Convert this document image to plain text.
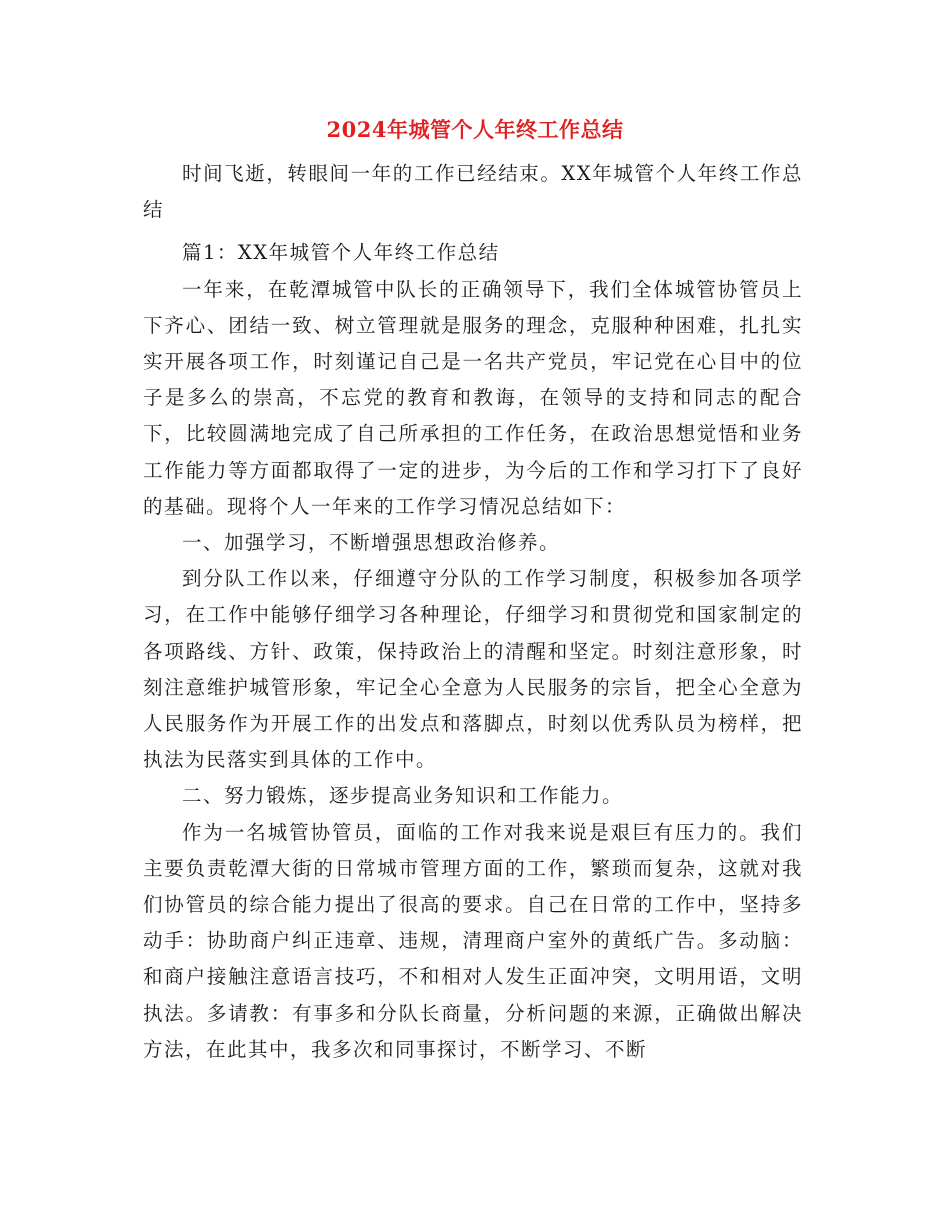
2024年城管个人年终工作总结

时间飞逝，转眼间一年的工作已经结束。XX年城管个人年终工作总结

篇1：XX年城管个人年终工作总结

一年来，在乾潭城管中队长的正确领导下，我们全体城管协管员上下齐心、团结一致、树立管理就是服务的理念，克服种种困难，扎扎实实开展各项工作，时刻谨记自己是一名共产党员，牢记党在心目中的位子是多么的崇高，不忘党的教育和教诲，在领导的支持和同志的配合下，比较圆满地完成了自己所承担的工作任务，在政治思想觉悟和业务工作能力等方面都取得了一定的进步，为今后的工作和学习打下了良好的基础。现将个人一年来的工作学习情况总结如下：

一、加强学习，不断增强思想政治修养。

到分队工作以来，仔细遵守分队的工作学习制度，积极参加各项学习，在工作中能够仔细学习各种理论，仔细学习和贯彻党和国家制定的各项路线、方针、政策，保持政治上的清醒和坚定。时刻注意形象，时刻注意维护城管形象，牢记全心全意为人民服务的宗旨，把全心全意为人民服务作为开展工作的出发点和落脚点，时刻以优秀队员为榜样，把执法为民落实到具体的工作中。

二、努力锻炼，逐步提高业务知识和工作能力。

作为一名城管协管员，面临的工作对我来说是艰巨有压力的。我们主要负责乾潭大街的日常城市管理方面的工作，繁琐而复杂，这就对我们协管员的综合能力提出了很高的要求。自己在日常的工作中，坚持多动手：协助商户纠正违章、违规，清理商户室外的黄纸广告。多动脑：和商户接触注意语言技巧，不和相对人发生正面冲突，文明用语，文明执法。多请教：有事多和分队长商量，分析问题的来源，正确做出解决方法，在此其中，我多次和同事探讨，不断学习、不断
